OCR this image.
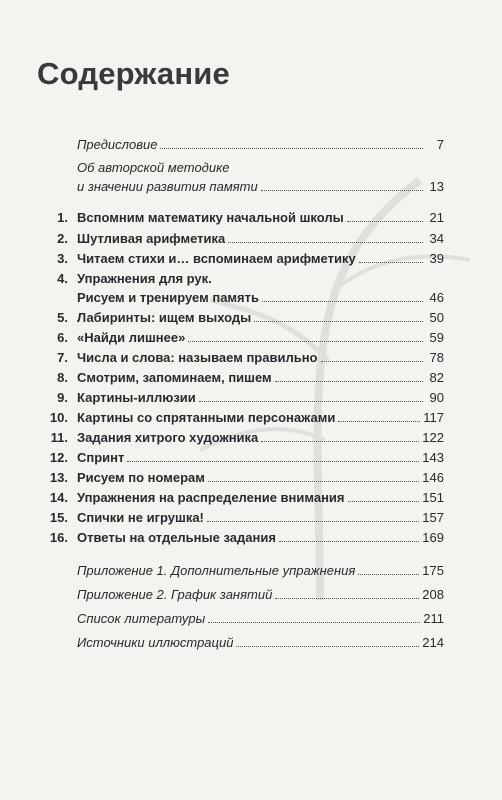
Содержание
Предисловие	7
Об авторской методике
и значении развития памяти	13
1. Вспомним математику начальной школы	21
2. Шутливая арифметика	34
3. Читаем стихи и… вспоминаем арифметику	39
4. Упражнения для рук.
Рисуем и тренируем память	46
5. Лабиринты: ищем выходы	50
6. «Найди лишнее»	59
7. Числа и слова: называем правильно	78
8. Смотрим, запоминаем, пишем	82
9. Картины-иллюзии	90
10. Картины со спрятанными персонажами	117
11. Задания хитрого художника	122
12. Спринт	143
13. Рисуем по номерам	146
14. Упражнения на распределение внимания	151
15. Спички не игрушка!	157
16. Ответы на отдельные задания	169
Приложение 1. Дополнительные упражнения	175
Приложение 2. График занятий	208
Список литературы	211
Источники иллюстраций	214
